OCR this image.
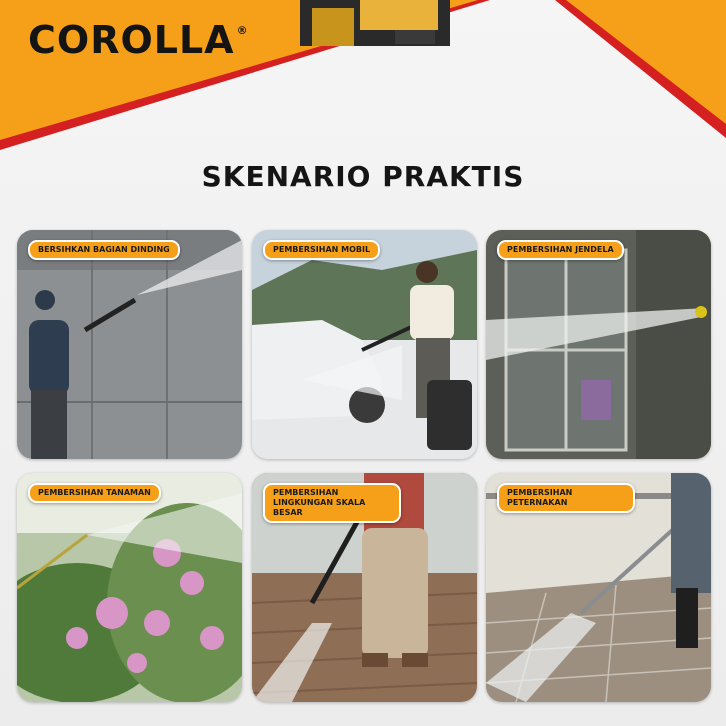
COROLLA ®
SKENARIO PRAKTIS
BERSIHKAN BAGIAN DINDING	PEMBERSIHAN MOBIL	PEMBERSIHAN JENDELA
PEMBERSIHAN TANAMAN	PEMBERSIHAN LINGKUNGAN SKALA BESAR
PEMBERSIHAN PETERNAKAN
